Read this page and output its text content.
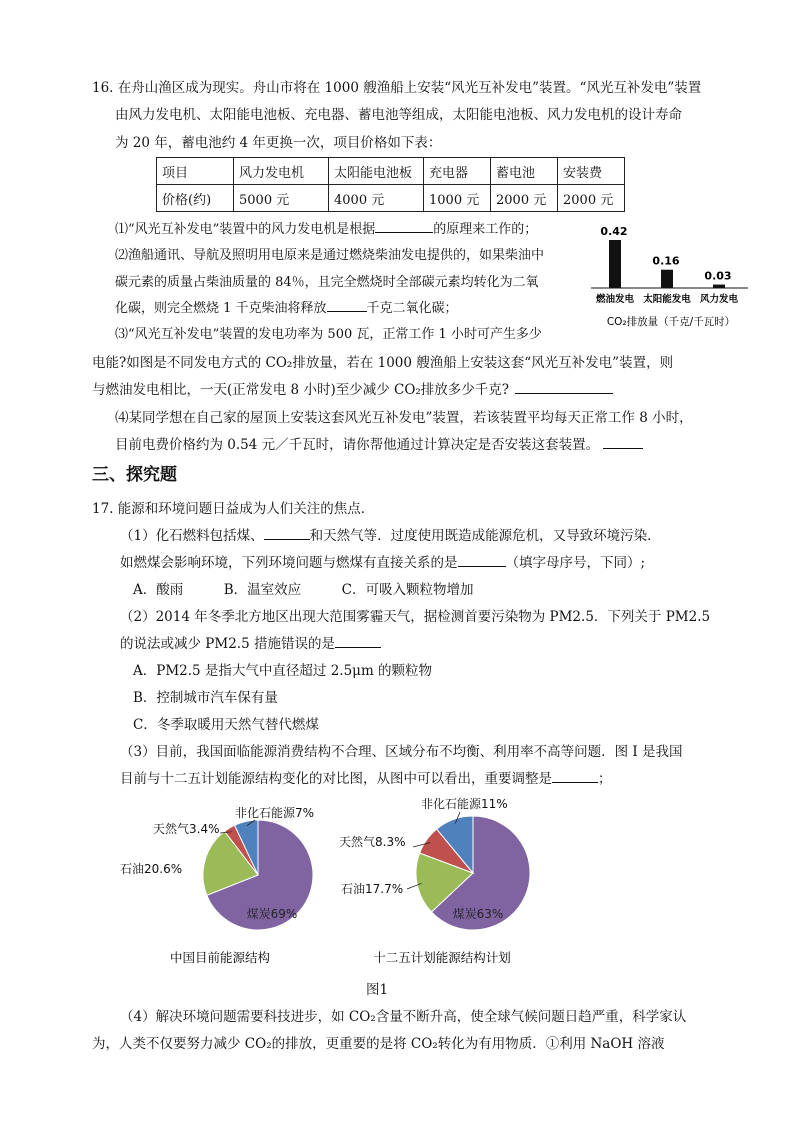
16. 在舟山渔区成为现实。舟山市将在 1000 艘渔船上安装“风光互补发电”装置。“风光互补发电”装置
由风力发电机、太阳能电池板、充电器、蓄电池等组成，太阳能电池板、风力发电机的设计寿命
为 20 年，蓄电池约 4 年更换一次，项目价格如下表：
项目	风力发电机	太阳能电池板	充电器	蓄电池	安装费
价格(约)	5000 元	4000 元	1000 元	2000 元	2000 元
⑴“风光互补发电”装置中的风力发电机是根据	的原理来工作的；
⑵渔船通讯、导航及照明用电原来是通过燃烧柴油发电提供的，如果柴油中
碳元素的质量占柴油质量的 84％，且完全燃烧时全部碳元素均转化为二氧
化碳，则完全燃烧 1 千克柴油将释放	千克二氧化碳；
⑶“风光互补发电”装置的发电功率为 500 瓦，正常工作 1 小时可产生多少
电能?如图是不同发电方式的 CO₂排放量，若在 1000 艘渔船上安装这套“风光互补发电”装置，则
与燃油发电相比，一天(正常发电 8 小时)至少减少 CO₂排放多少千克?
⑷某同学想在自己家的屋顶上安装这套风光互补发电”装置，若该装置平均每天正常工作 8 小时，
目前电费价格约为 0.54 元／千瓦时，请你帮他通过计算决定是否安装这套装置。
0.42
燃油发电
0.16
太阳能发电
0.03
风力发电
CO₂排放量（千克/千瓦时）
三、探究题
17. 能源和环境问题日益成为人们关注的焦点．
（1）化石燃料包括煤、	和天然气等．过度使用既造成能源危机，又导致环境污染．
如燃煤会影响环境，下列环境问题与燃煤有直接关系的是	（填字母序号，下同）;
A．酸雨　　　B．温室效应　　　C．可吸入颗粒物增加
（2）2014 年冬季北方地区出现大范围雾霾天气，据检测首要污染物为 PM2.5．下列关于 PM2.5
的说法或减少 PM2.5 措施错误的是
A．PM2.5 是指大气中直径超过 2.5μm 的颗粒物
B．控制城市汽车保有量
C．冬季取暖用天然气替代燃煤
（3）目前，我国面临能源消费结构不合理、区域分布不均衡、利用率不高等问题．图 I 是我国
目前与十二五计划能源结构变化的对比图，从图中可以看出，重要调整是	；
煤炭69%
石油20.6%
天然气3.4%
非化石能源7%
中国目前能源结构
煤炭63%
石油17.7%
天然气8.3%
非化石能源11%
十二五计划能源结构计划
图1
（4）解决环境问题需要科技进步，如 CO₂含量不断升高，使全球气候问题日趋严重，科学家认
为，人类不仅要努力减少 CO₂的排放，更重要的是将 CO₂转化为有用物质．①利用 NaOH 溶液
